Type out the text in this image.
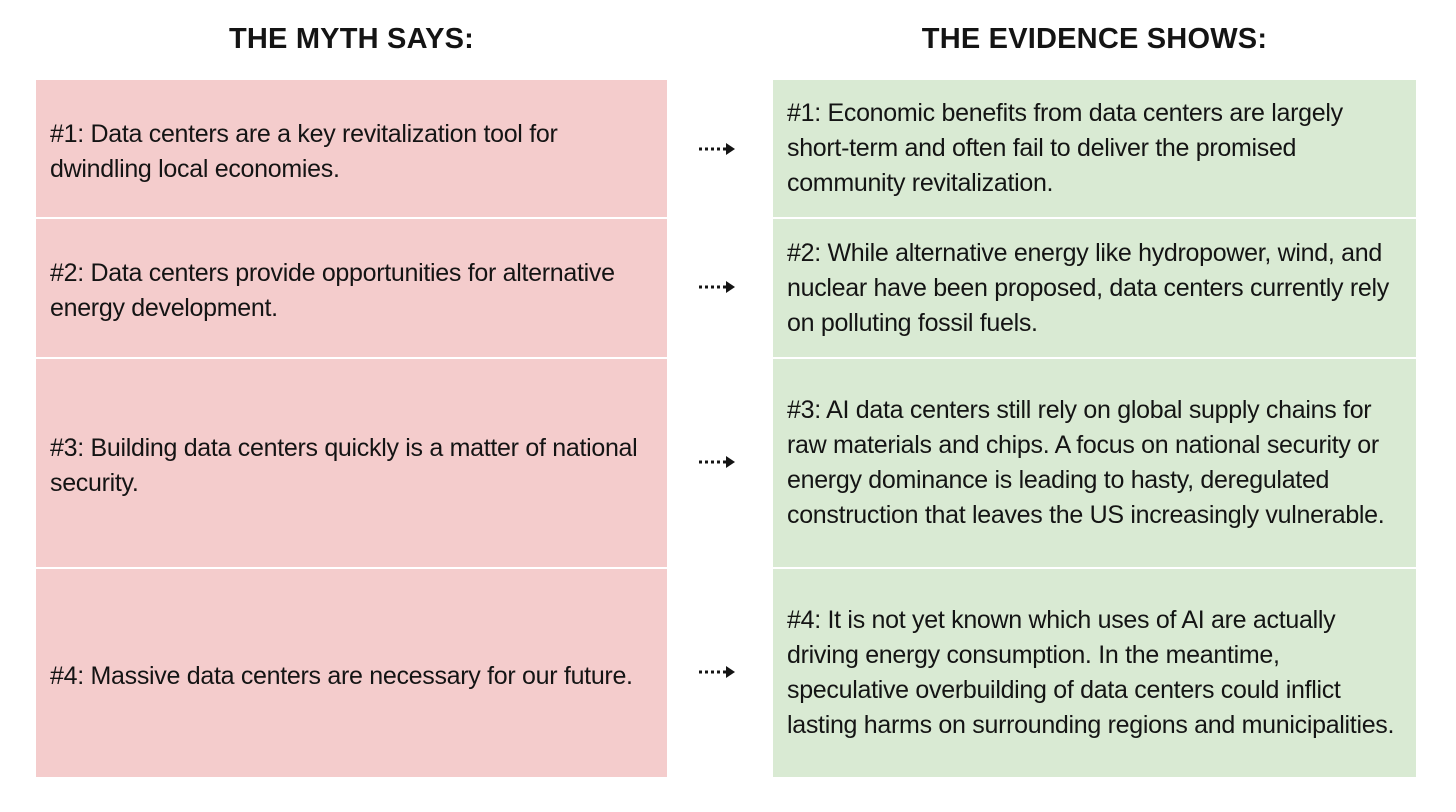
THE MYTH SAYS:	THE EVIDENCE SHOWS:
#1: Data centers are a key revitalization tool for dwindling local economies.
#2: Data centers provide opportunities for alternative energy development.
#3: Building data centers quickly is a matter of national security.
#4: Massive data centers are necessary for our future.
#1: Economic benefits from data centers are largely short-term and often fail to deliver the promised community revitalization.
#2: While alternative energy like hydropower, wind, and nuclear have been proposed, data centers currently rely on polluting fossil fuels.
#3: AI data centers still rely on global supply chains for raw materials and chips. A focus on national security or energy dominance is leading to hasty, deregulated construction that leaves the US increasingly vulnerable.
#4: It is not yet known which uses of AI are actually driving energy consumption. In the meantime, speculative overbuilding of data centers could inflict lasting harms on surrounding regions and municipalities.
